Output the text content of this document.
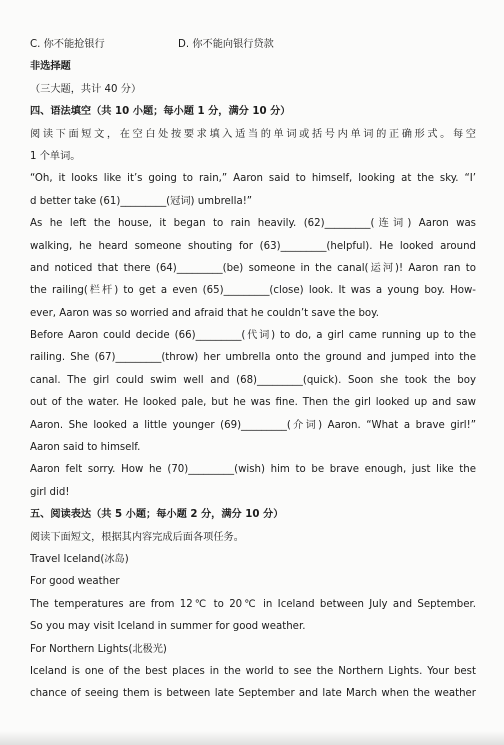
C. 你不能抢银行	D. 你不能向银行贷款
非选择题
（三大题，共计 40 分）
四、语法填空（共 10 小题；每小题 1 分，满分 10 分）
阅读下面短文，在空白处按要求填入适当的单词或括号内单词的正确形式。每空
1 个单词。
“Oh, it looks like it’s going to rain,” Aaron said to himself, looking at the sky. “I’
d better take (61)_________(冠词) umbrella!”
As he left the house, it began to rain heavily. (62)_________(连词) Aaron was
walking, he heard someone shouting for (63)_________(helpful). He looked around
and noticed that there (64)_________(be) someone in the canal(运河)! Aaron ran to
the railing(栏杆) to get a even (65)_________(close) look. It was a young boy. How-
ever, Aaron was so worried and afraid that he couldn’t save the boy.
Before Aaron could decide (66)_________(代词) to do, a girl came running up to the
railing. She (67)_________(throw) her umbrella onto the ground and jumped into the
canal. The girl could swim well and (68)_________(quick). Soon she took the boy
out of the water. He looked pale, but he was fine. Then the girl looked up and saw
Aaron. She looked a little younger (69)_________(介词) Aaron. “What a brave girl!”
Aaron said to himself.
Aaron felt sorry. How he (70)_________(wish) him to be brave enough, just like the
girl did!
五、阅读表达（共 5 小题；每小题 2 分，满分 10 分）
阅读下面短文，根据其内容完成后面各项任务。
Travel Iceland(冰岛)
For good weather
The temperatures are from 12℃ to 20℃ in Iceland between July and September.
So you may visit Iceland in summer for good weather.
For Northern Lights(北极光)
Iceland is one of the best places in the world to see the Northern Lights. Your best
chance of seeing them is between late September and late March when the weather
